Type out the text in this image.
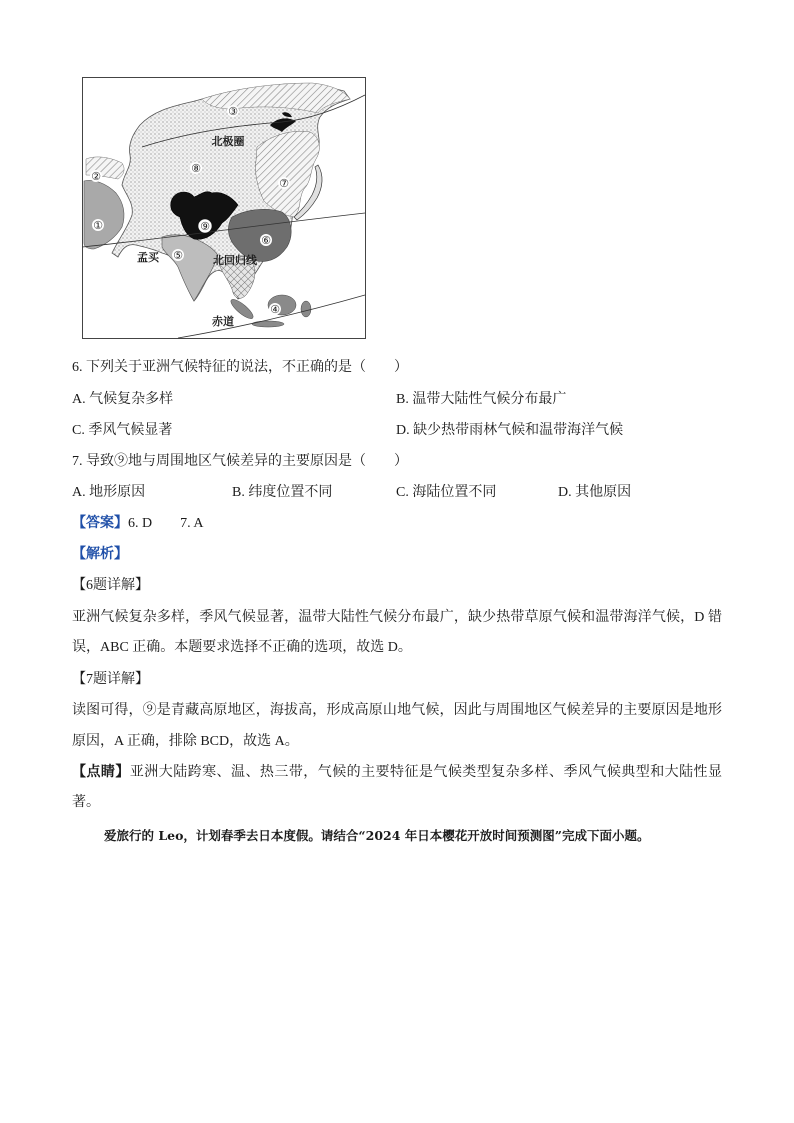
北极圈
孟买	北回归线
赤道
①
②
③
④
⑤
⑥
⑦
⑧
⑨
6. 下列关于亚洲气候特征的说法，不正确的是（　　）
A. 气候复杂多样	B. 温带大陆性气候分布最广
C. 季风气候显著	D. 缺少热带雨林气候和温带海洋气候
7. 导致⑨地与周围地区气候差异的主要原因是（　　）
A. 地形原因	B. 纬度位置不同	C. 海陆位置不同	D. 其他原因
【答案】6. D　　7. A
【解析】
【6题详解】
亚洲气候复杂多样，季风气候显著，温带大陆性气候分布最广，缺少热带草原气候和温带海洋气候，D 错
误，ABC 正确。本题要求选择不正确的选项，故选 D。
【7题详解】
读图可得，⑨是青藏高原地区，海拔高，形成高原山地气候，因此与周围地区气候差异的主要原因是地形
原因，A 正确，排除 BCD，故选 A。
【点睛】亚洲大陆跨寒、温、热三带，气候的主要特征是气候类型复杂多样、季风气候典型和大陆性显
著。
爱旅行的 Leo，计划春季去日本度假。请结合“2024 年日本樱花开放时间预测图”完成下面小题。
